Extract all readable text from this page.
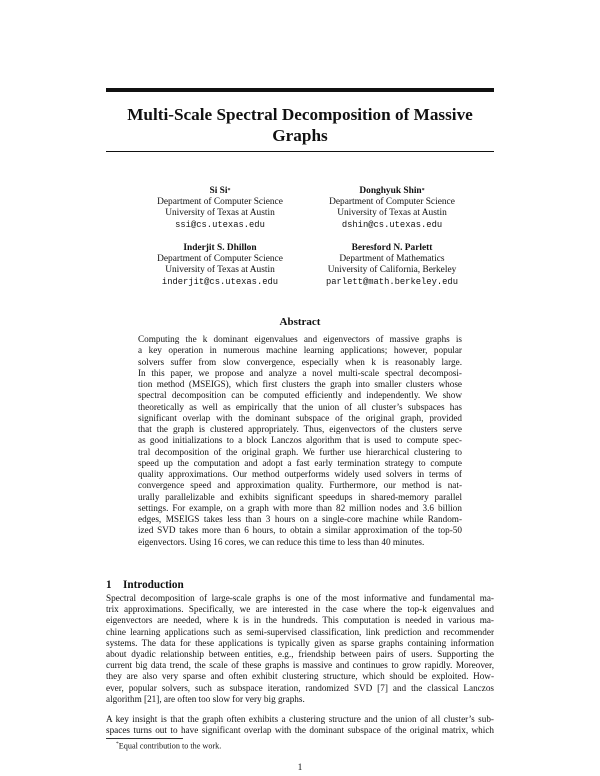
Multi-Scale Spectral Decomposition of Massive
Graphs
Si Si*
Department of Computer Science
University of Texas at Austin
ssi@cs.utexas.edu
Donghyuk Shin*
Department of Computer Science
University of Texas at Austin
dshin@cs.utexas.edu
Inderjit S. Dhillon
Department of Computer Science
University of Texas at Austin
inderjit@cs.utexas.edu
Beresford N. Parlett
Department of Mathematics
University of California, Berkeley
parlett@math.berkeley.edu
Abstract
Computing the k dominant eigenvalues and eigenvectors of massive graphs is
a key operation in numerous machine learning applications; however, popular
solvers suffer from slow convergence, especially when k is reasonably large.
In this paper, we propose and analyze a novel multi-scale spectral decomposi-
tion method (MSEIGS), which first clusters the graph into smaller clusters whose
spectral decomposition can be computed efficiently and independently. We show
theoretically as well as empirically that the union of all cluster’s subspaces has
significant overlap with the dominant subspace of the original graph, provided
that the graph is clustered appropriately. Thus, eigenvectors of the clusters serve
as good initializations to a block Lanczos algorithm that is used to compute spec-
tral decomposition of the original graph. We further use hierarchical clustering to
speed up the computation and adopt a fast early termination strategy to compute
quality approximations. Our method outperforms widely used solvers in terms of
convergence speed and approximation quality. Furthermore, our method is nat-
urally parallelizable and exhibits significant speedups in shared-memory parallel
settings. For example, on a graph with more than 82 million nodes and 3.6 billion
edges, MSEIGS takes less than 3 hours on a single-core machine while Random-
ized SVD takes more than 6 hours, to obtain a similar approximation of the top-50
eigenvectors. Using 16 cores, we can reduce this time to less than 40 minutes.
1 Introduction
Spectral decomposition of large-scale graphs is one of the most informative and fundamental ma-
trix approximations. Specifically, we are interested in the case where the top-k eigenvalues and
eigenvectors are needed, where k is in the hundreds. This computation is needed in various ma-
chine learning applications such as semi-supervised classification, link prediction and recommender
systems. The data for these applications is typically given as sparse graphs containing information
about dyadic relationship between entities, e.g., friendship between pairs of users. Supporting the
current big data trend, the scale of these graphs is massive and continues to grow rapidly. Moreover,
they are also very sparse and often exhibit clustering structure, which should be exploited. How-
ever, popular solvers, such as subspace iteration, randomized SVD [7] and the classical Lanczos
algorithm [21], are often too slow for very big graphs.
A key insight is that the graph often exhibits a clustering structure and the union of all cluster’s sub-
spaces turns out to have significant overlap with the dominant subspace of the original matrix, which
*Equal contribution to the work.
1
